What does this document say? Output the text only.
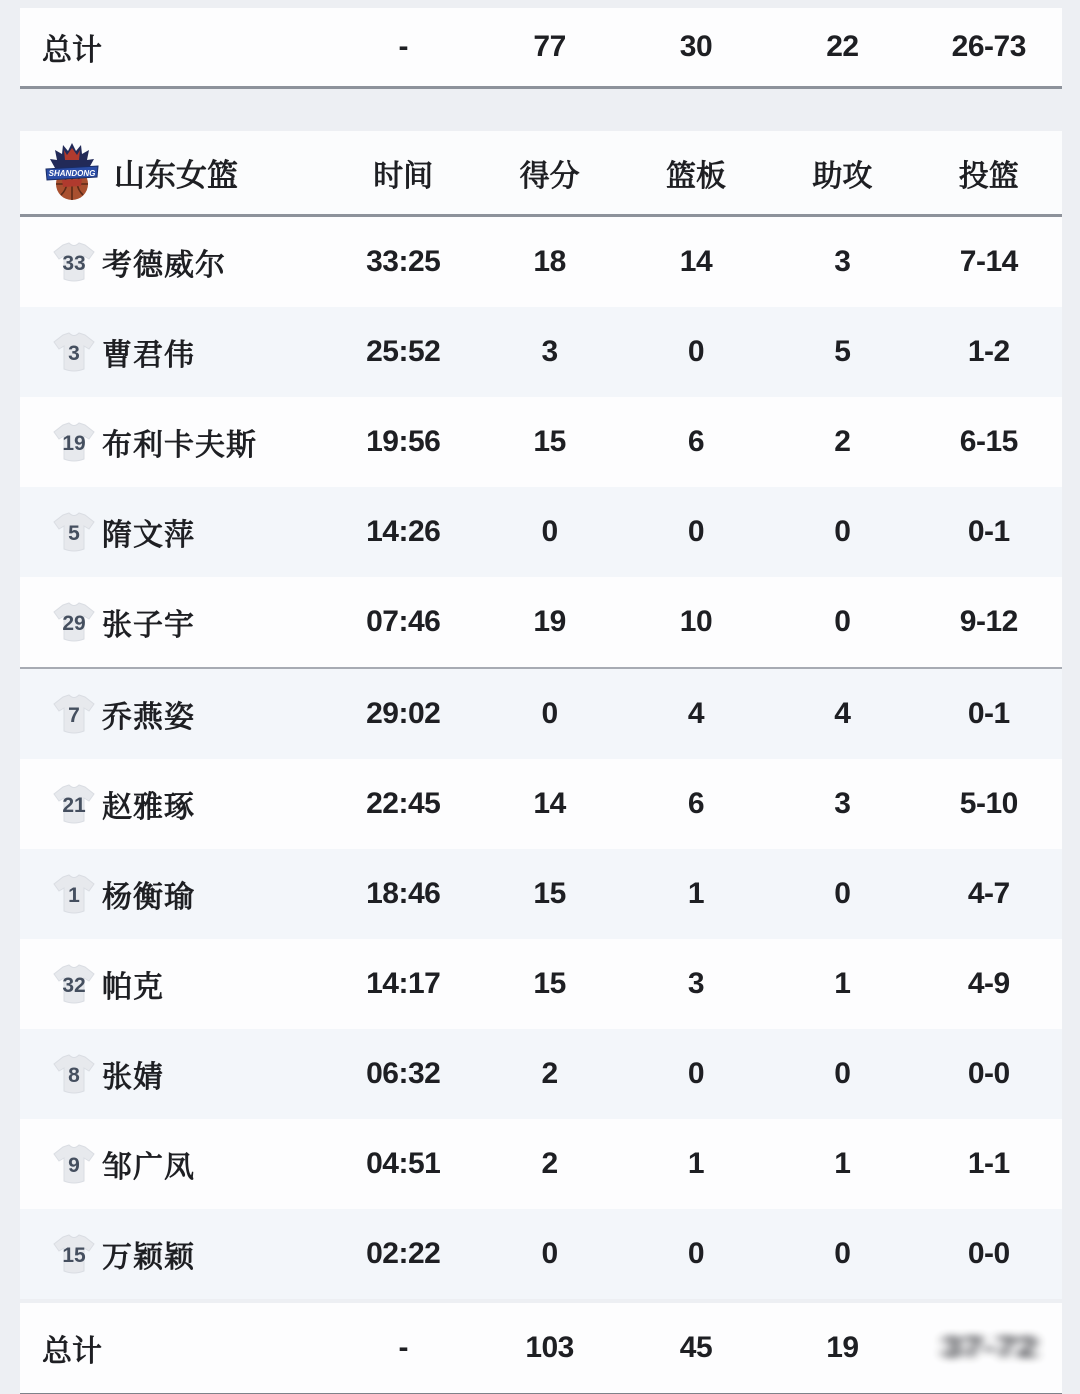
总计	-	77	30	22	26-73
SHANDONG 山东女篮	时间	得分	篮板	助攻	投篮
33 考德威尔	33:25	18	14	3	7-14
3 曹君伟	25:52	3	0	5	1-2
19 布利卡夫斯	19:56	15	6	2	6-15
5 隋文萍	14:26	0	0	0	0-1
29 张子宇	07:46	19	10	0	9-12
7 乔燕姿	29:02	0	4	4	0-1
21 赵雅琢	22:45	14	6	3	5-10
1 杨衡瑜	18:46	15	1	0	4-7
32 帕克	14:17	15	3	1	4-9
8 张婧	06:32	2	0	0	0-0
9 邹广凤	04:51	2	1	1	1-1
15 万颖颖	02:22	0	0	0	0-0
总计	-	103	45	19	37-72
